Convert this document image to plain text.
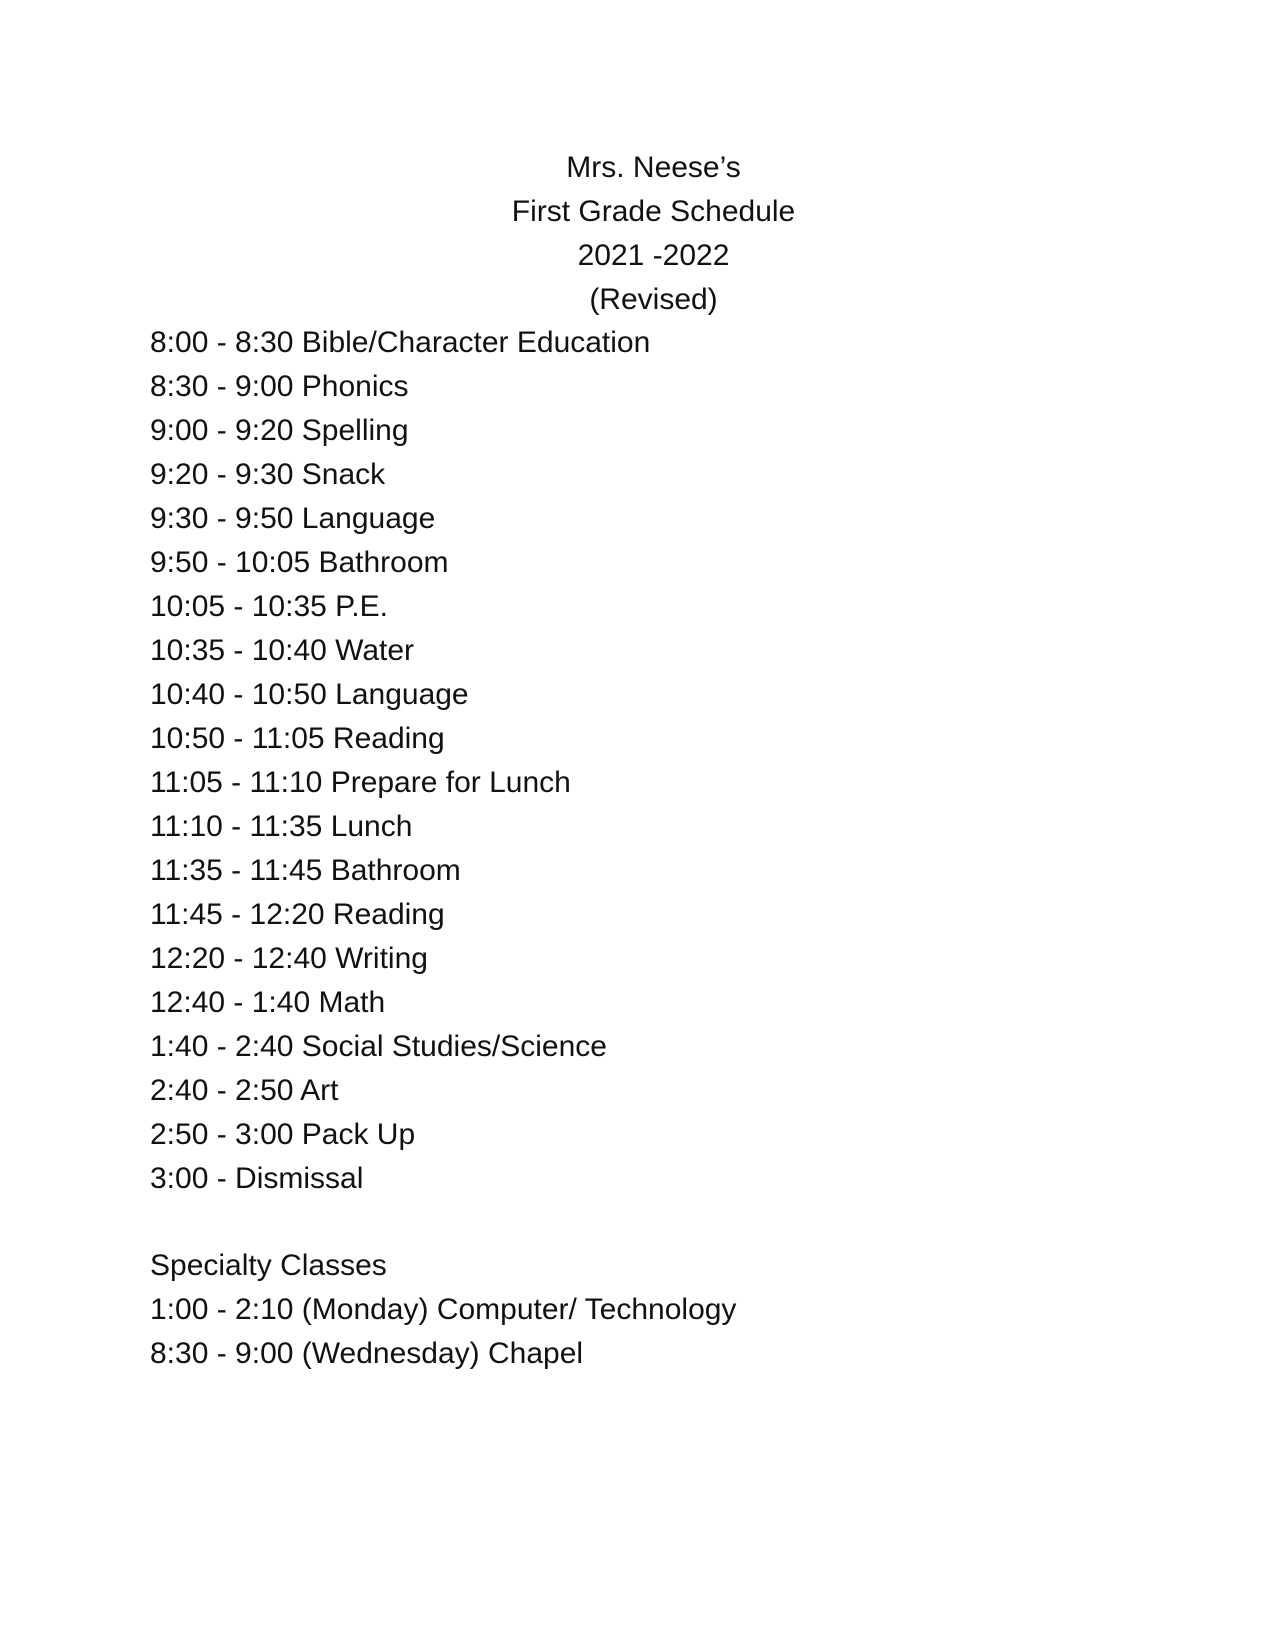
Mrs. Neese’s
First Grade Schedule
2021 -2022
(Revised)
8:00 - 8:30 Bible/Character Education
8:30 - 9:00 Phonics
9:00 - 9:20 Spelling
9:20 - 9:30 Snack
9:30 - 9:50 Language
9:50 - 10:05 Bathroom
10:05 - 10:35 P.E.
10:35 - 10:40 Water
10:40 - 10:50 Language
10:50 - 11:05 Reading
11:05 - 11:10 Prepare for Lunch
11:10 - 11:35 Lunch
11:35 - 11:45 Bathroom
11:45 - 12:20 Reading
12:20 - 12:40 Writing
12:40 - 1:40 Math
1:40 - 2:40 Social Studies/Science
2:40 - 2:50 Art
2:50 - 3:00 Pack Up
3:00 - Dismissal
Specialty Classes
1:00 - 2:10 (Monday) Computer/ Technology
8:30 - 9:00 (Wednesday) Chapel
